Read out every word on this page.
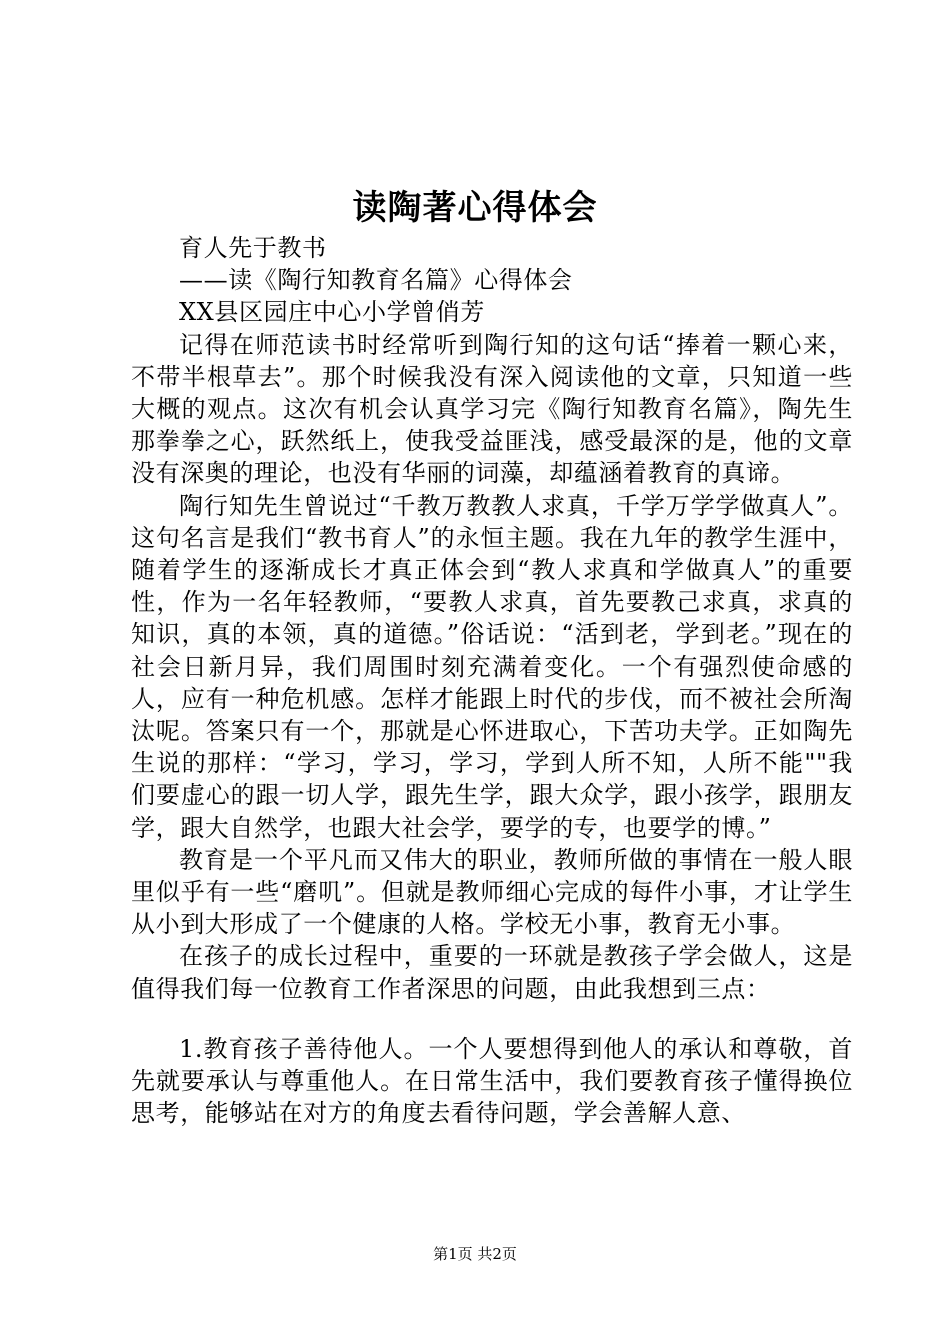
读陶著心得体会
育人先于教书
——读《陶行知教育名篇》心得体会
XX县区园庄中心小学曾俏芳

记得在师范读书时经常听到陶行知的这句话“捧着一颗心来，不带半根草去”。那个时候我没有深入阅读他的文章，只知道一些大概的观点。这次有机会认真学习完《陶行知教育名篇》，陶先生那拳拳之心，跃然纸上，使我受益匪浅，感受最深的是，他的文章没有深奥的理论，也没有华丽的词藻，却蕴涵着教育的真谛。

陶行知先生曾说过“千教万教教人求真，千学万学学做真人”。这句名言是我们“教书育人”的永恒主题。我在九年的教学生涯中，随着学生的逐渐成长才真正体会到“教人求真和学做真人”的重要性，作为一名年轻教师，“要教人求真，首先要教己求真，求真的知识，真的本领，真的道德。”俗话说：“活到老，学到老。”现在的社会日新月异，我们周围时刻充满着变化。一个有强烈使命感的人，应有一种危机感。怎样才能跟上时代的步伐，而不被社会所淘汰呢。答案只有一个，那就是心怀进取心，下苦功夫学。正如陶先生说的那样：“学习，学习，学习，学到人所不知，人所不能""我们要虚心的跟一切人学，跟先生学，跟大众学，跟小孩学，跟朋友学，跟大自然学，也跟大社会学，要学的专，也要学的博。”

教育是一个平凡而又伟大的职业，教师所做的事情在一般人眼里似乎有一些“磨叽”。但就是教师细心完成的每件小事，才让学生从小到大形成了一个健康的人格。学校无小事，教育无小事。

在孩子的成长过程中，重要的一环就是教孩子学会做人，这是值得我们每一位教育工作者深思的问题，由此我想到三点：

1.教育孩子善待他人。一个人要想得到他人的承认和尊敬，首先就要承认与尊重他人。在日常生活中，我们要教育孩子懂得换位思考，能够站在对方的角度去看待问题，学会善解人意、

第1页 共2页
